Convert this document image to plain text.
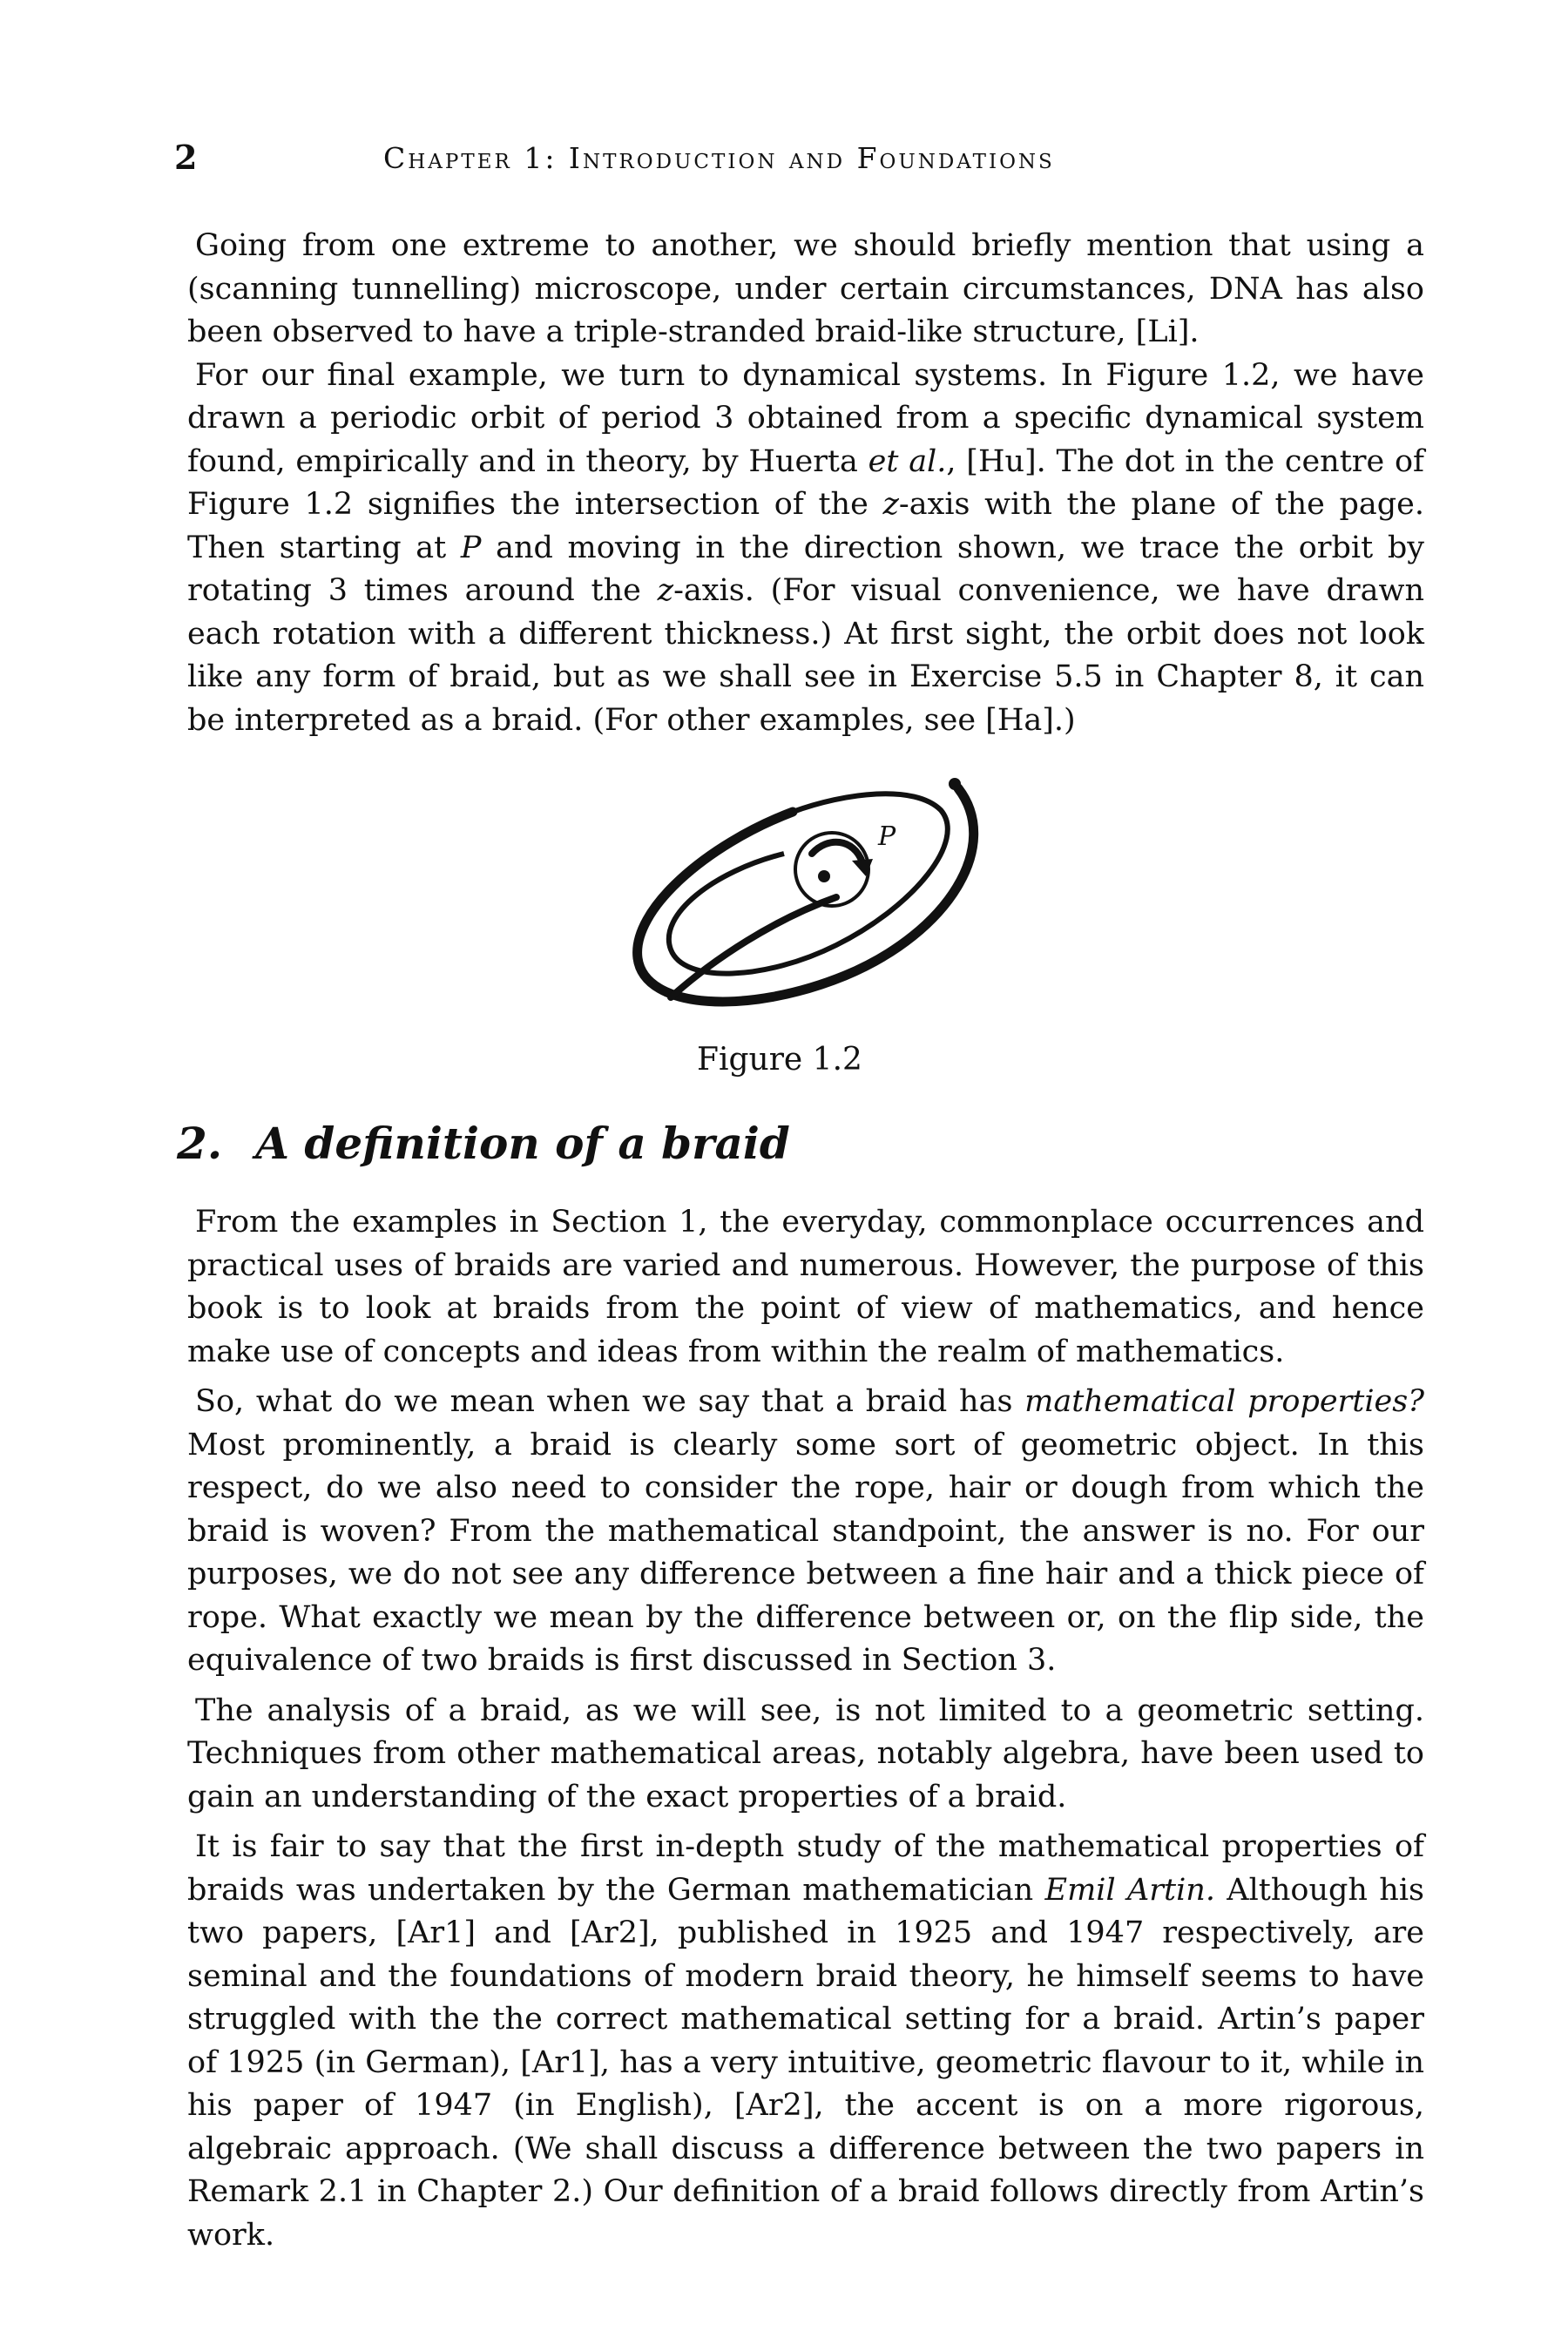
2	Chapter 1: Introduction and Foundations

Going from one extreme to another, we should briefly mention that using a (scanning tunnelling) microscope, under certain circumstances, DNA has also been observed to have a triple-stranded braid-like structure, [Li].

For our final example, we turn to dynamical systems. In Figure 1.2, we have drawn a periodic orbit of period 3 obtained from a specific dynamical system found, empirically and in theory, by Huerta et al., [Hu]. The dot in the centre of Figure 1.2 signifies the intersection of the z-axis with the plane of the page. Then starting at P and moving in the direction shown, we trace the orbit by rotating 3 times around the z-axis. (For visual convenience, we have drawn each rotation with a different thickness.) At first sight, the orbit does not look like any form of braid, but as we shall see in Exercise 5.5 in Chapter 8, it can be interpreted as a braid. (For other examples, see [Ha].)

P
Figure 1.2
2. A definition of a braid

From the examples in Section 1, the everyday, commonplace occurrences and practical uses of braids are varied and numerous. However, the purpose of this book is to look at braids from the point of view of mathematics, and hence make use of concepts and ideas from within the realm of mathematics.

So, what do we mean when we say that a braid has mathematical properties? Most prominently, a braid is clearly some sort of geometric object. In this respect, do we also need to consider the rope, hair or dough from which the braid is woven? From the mathematical standpoint, the answer is no. For our purposes, we do not see any difference between a fine hair and a thick piece of rope. What exactly we mean by the difference between or, on the flip side, the equivalence of two braids is first discussed in Section 3.

The analysis of a braid, as we will see, is not limited to a geometric setting. Techniques from other mathematical areas, notably algebra, have been used to gain an understanding of the exact properties of a braid.

It is fair to say that the first in-depth study of the mathematical properties of braids was undertaken by the German mathematician Emil Artin. Although his two papers, [Ar1] and [Ar2], published in 1925 and 1947 respectively, are seminal and the foundations of modern braid theory, he himself seems to have struggled with the the correct mathematical setting for a braid. Artin’s paper of 1925 (in German), [Ar1], has a very intuitive, geometric flavour to it, while in his paper of 1947 (in English), [Ar2], the accent is on a more rigorous, algebraic approach. (We shall discuss a difference between the two papers in Remark 2.1 in Chapter 2.) Our definition of a braid follows directly from Artin’s work.
